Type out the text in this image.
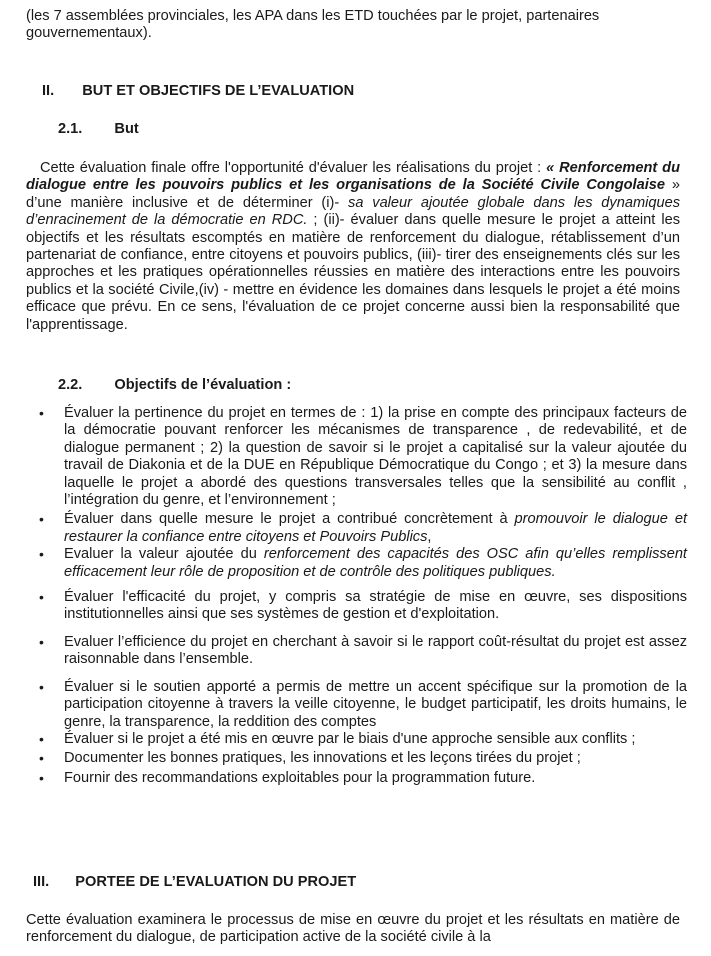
(les 7 assemblées provinciales, les APA dans les ETD touchées par le projet, partenaires gouvernementaux).

II. BUT ET OBJECTIFS DE L’EVALUATION
2.1. But

Cette évaluation finale offre l'opportunité d'évaluer les réalisations du projet : « Renforcement du dialogue entre les pouvoirs publics et les organisations de la Société Civile Congolaise » d’une manière inclusive et de déterminer (i)- sa valeur ajoutée globale dans les dynamiques d’enracinement de la démocratie en RDC. ; (ii)- évaluer dans quelle mesure le projet a atteint les objectifs et les résultats escomptés en matière de renforcement du dialogue, rétablissement d’un partenariat de confiance, entre citoyens et pouvoirs publics, (iii)- tirer des enseignements clés sur les approches et les pratiques opérationnelles réussies en matière des interactions entre les pouvoirs publics et la société Civile,(iv) - mettre en évidence les domaines dans lesquels le projet a été moins efficace que prévu. En ce sens, l'évaluation de ce projet concerne aussi bien la responsabilité que l'apprentissage.

2.2. Objectifs de l’évaluation :
• Évaluer la pertinence du projet en termes de : 1) la prise en compte des principaux facteurs de la démocratie pouvant renforcer les mécanismes de transparence , de redevabilité, et de dialogue permanent ; 2) la question de savoir si le projet a capitalisé sur la valeur ajoutée du travail de Diakonia et de la DUE en République Démocratique du Congo ; et 3) la mesure dans laquelle le projet a abordé des questions transversales telles que la sensibilité au conflit , l’intégration du genre, et l’environnement ;
• Évaluer dans quelle mesure le projet a contribué concrètement à promouvoir le dialogue et restaurer la confiance entre citoyens et Pouvoirs Publics,
• Evaluer la valeur ajoutée du renforcement des capacités des OSC afin qu’elles remplissent efficacement leur rôle de proposition et de contrôle des politiques publiques.
• Évaluer l'efficacité du projet, y compris sa stratégie de mise en œuvre, ses dispositions institutionnelles ainsi que ses systèmes de gestion et d'exploitation.
• Evaluer l’efficience du projet en cherchant à savoir si le rapport coût-résultat du projet est assez raisonnable dans l’ensemble.
• Évaluer si le soutien apporté a permis de mettre un accent spécifique sur la promotion de la participation citoyenne à travers la veille citoyenne, le budget participatif, les droits humains, le genre, la transparence, la reddition des comptes
• Évaluer si le projet a été mis en œuvre par le biais d'une approche sensible aux conflits ;
• Documenter les bonnes pratiques, les innovations et les leçons tirées du projet ;
• Fournir des recommandations exploitables pour la programmation future.
III. PORTEE DE L’EVALUATION DU PROJET

Cette évaluation examinera le processus de mise en œuvre du projet et les résultats en matière de renforcement du dialogue, de participation active de la société civile à la
